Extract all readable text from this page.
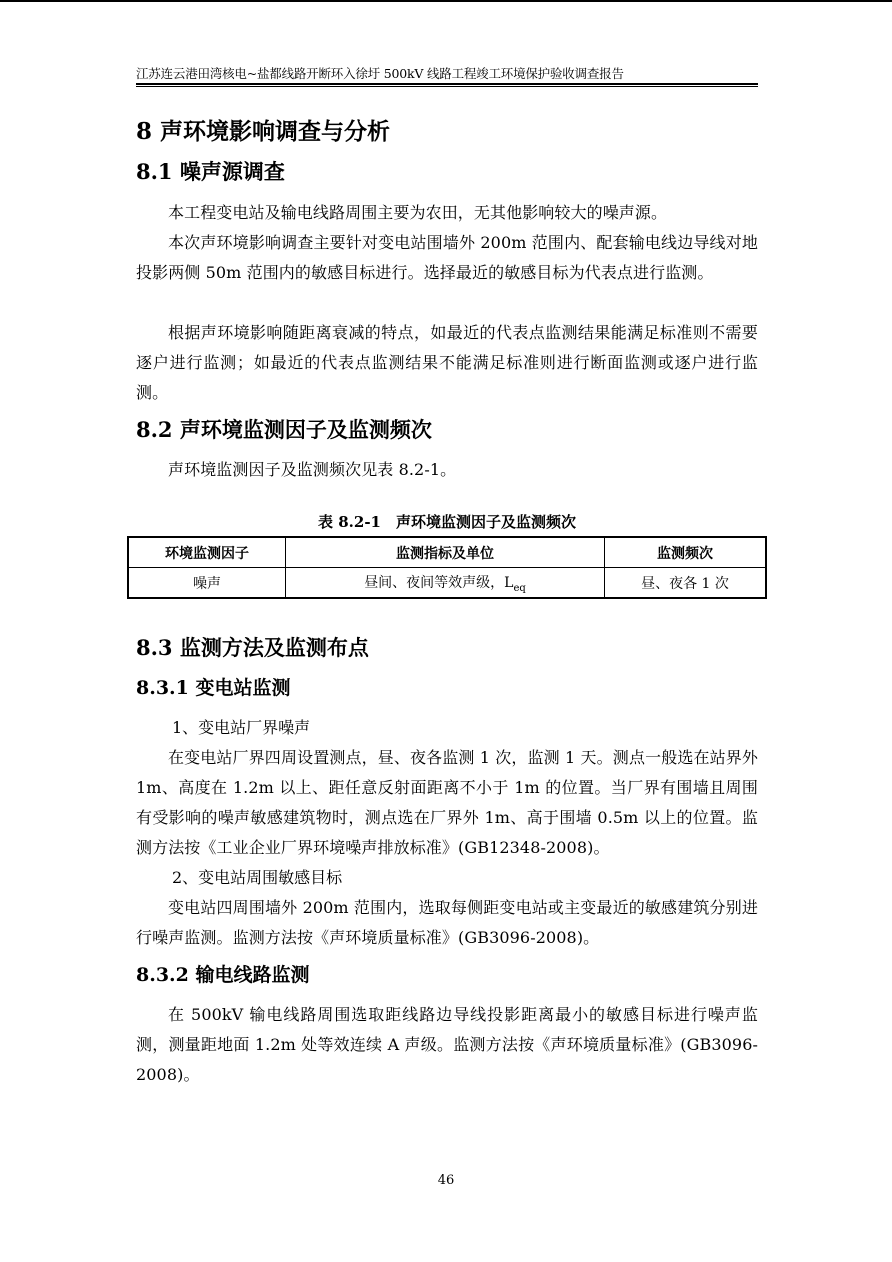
江苏连云港田湾核电~盐都线路开断环入徐圩 500kV 线路工程竣工环境保护验收调查报告
8 声环境影响调查与分析
8.1 噪声源调查
本工程变电站及输电线路周围主要为农田，无其他影响较大的噪声源。
本次声环境影响调查主要针对变电站围墙外 200m 范围内、配套输电线边导线对地投影两侧 50m 范围内的敏感目标进行。选择最近的敏感目标为代表点进行监测。
根据声环境影响随距离衰减的特点，如最近的代表点监测结果能满足标准则不需要逐户进行监测；如最近的代表点监测结果不能满足标准则进行断面监测或逐户进行监测。
8.2 声环境监测因子及监测频次
声环境监测因子及监测频次见表 8.2-1。
表 8.2-1　声环境监测因子及监测频次
环境监测因子	监测指标及单位	监测频次
噪声	昼间、夜间等效声级，$L_{eq}$	昼、夜各 1 次
8.3 监测方法及监测布点
8.3.1 变电站监测
1、变电站厂界噪声
在变电站厂界四周设置测点，昼、夜各监测 1 次，监测 1 天。测点一般选在站界外 1m、高度在 1.2m 以上、距任意反射面距离不小于 1m 的位置。当厂界有围墙且周围有受影响的噪声敏感建筑物时，测点选在厂界外 1m、高于围墙 0.5m 以上的位置。监测方法按《工业企业厂界环境噪声排放标准》(GB12348-2008)。
2、变电站周围敏感目标
变电站四周围墙外 200m 范围内，选取每侧距变电站或主变最近的敏感建筑分别进行噪声监测。监测方法按《声环境质量标准》(GB3096-2008)。
8.3.2 输电线路监测
在 500kV 输电线路周围选取距线路边导线投影距离最小的敏感目标进行噪声监测，测量距地面 1.2m 处等效连续 A 声级。监测方法按《声环境质量标准》(GB3096-2008)。
46
